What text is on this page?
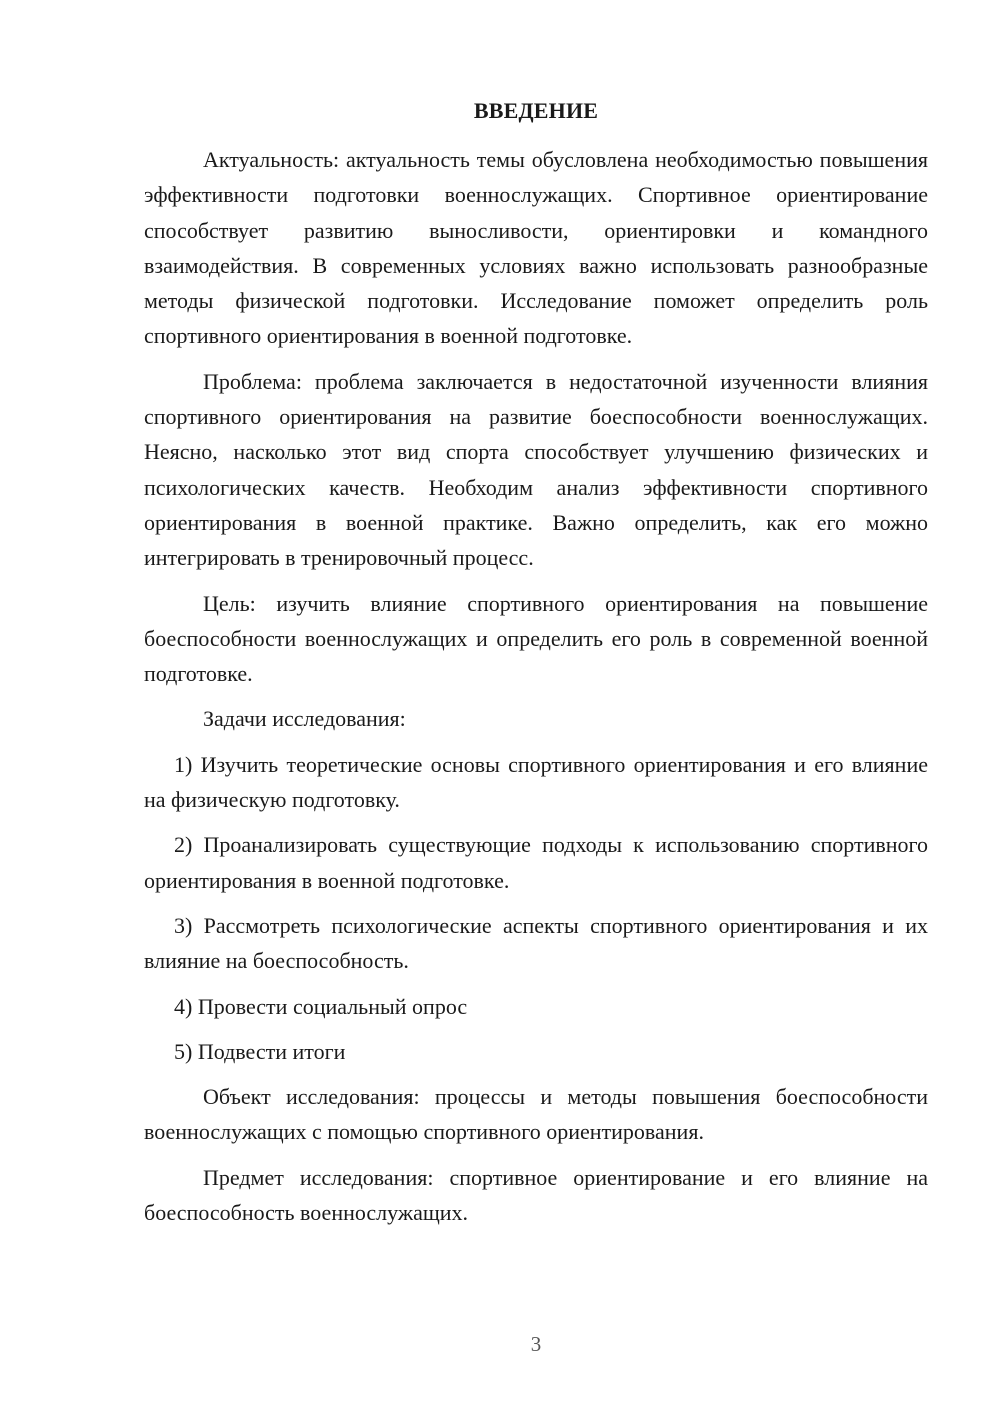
ВВЕДЕНИЕ

Актуальность: актуальность темы обусловлена необходимостью повышения эффективности подготовки военнослужащих. Спортивное ориентирование способствует развитию выносливости, ориентировки и командного взаимодействия. В современных условиях важно использовать разнообразные методы физической подготовки. Исследование поможет определить роль спортивного ориентирования в военной подготовке.

Проблема: проблема заключается в недостаточной изученности влияния спортивного ориентирования на развитие боеспособности военнослужащих. Неясно, насколько этот вид спорта способствует улучшению физических и психологических качеств. Необходим анализ эффективности спортивного ориентирования в военной практике. Важно определить, как его можно интегрировать в тренировочный процесс.

Цель: изучить влияние спортивного ориентирования на повышение боеспособности военнослужащих и определить его роль в современной военной подготовке.

Задачи исследования:

1) Изучить теоретические основы спортивного ориентирования и его влияние на физическую подготовку.

2) Проанализировать существующие подходы к использованию спортивного ориентирования в военной подготовке.

3) Рассмотреть психологические аспекты спортивного ориентирования и их влияние на боеспособность.

4) Провести социальный опрос

5) Подвести итоги

Объект исследования: процессы и методы повышения боеспособности военнослужащих с помощью спортивного ориентирования.

Предмет исследования: спортивное ориентирование и его влияние на боеспособность военнослужащих.

3
